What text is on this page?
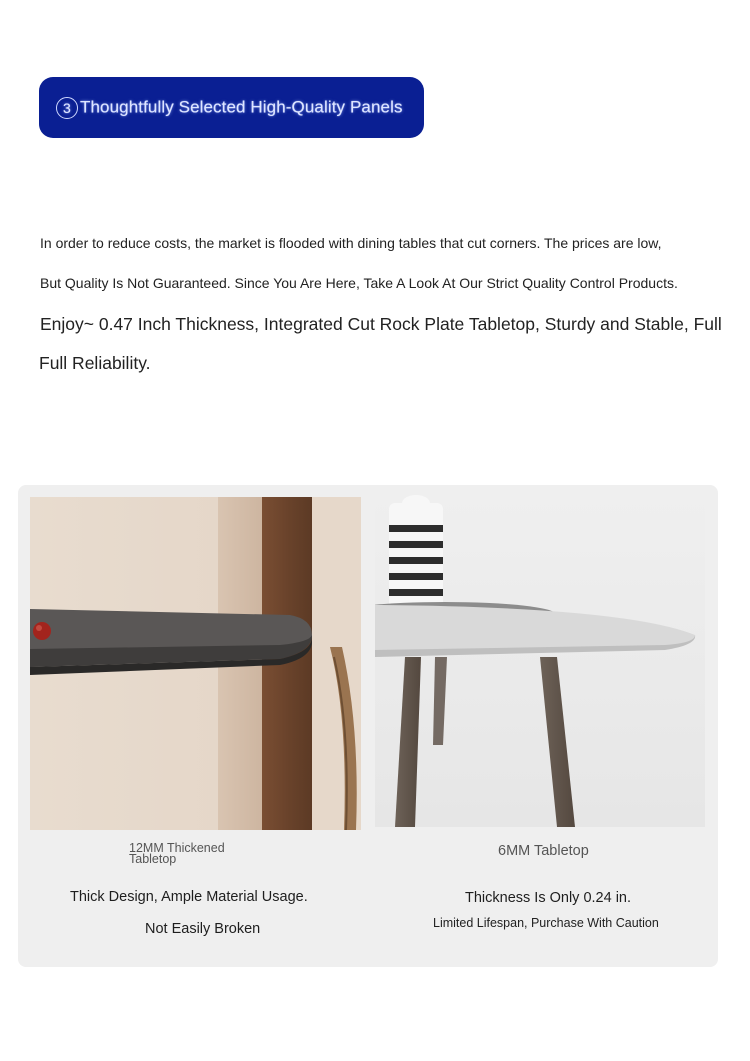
3 Thoughtfully Selected High-Quality Panels
In order to reduce costs, the market is flooded with dining tables that cut corners. The prices are low,
But Quality Is Not Guaranteed. Since You Are Here, Take A Look At Our Strict Quality Control Products.
Enjoy~ 0.47 Inch Thickness, Integrated Cut Rock Plate Tabletop, Sturdy and Stable, Full
Full Reliability.
12MM Thickened Tabletop	6MM Tabletop
Thick Design, Ample Material Usage.
Not Easily Broken
Thickness Is Only 0.24 in.
Limited Lifespan, Purchase With Caution
